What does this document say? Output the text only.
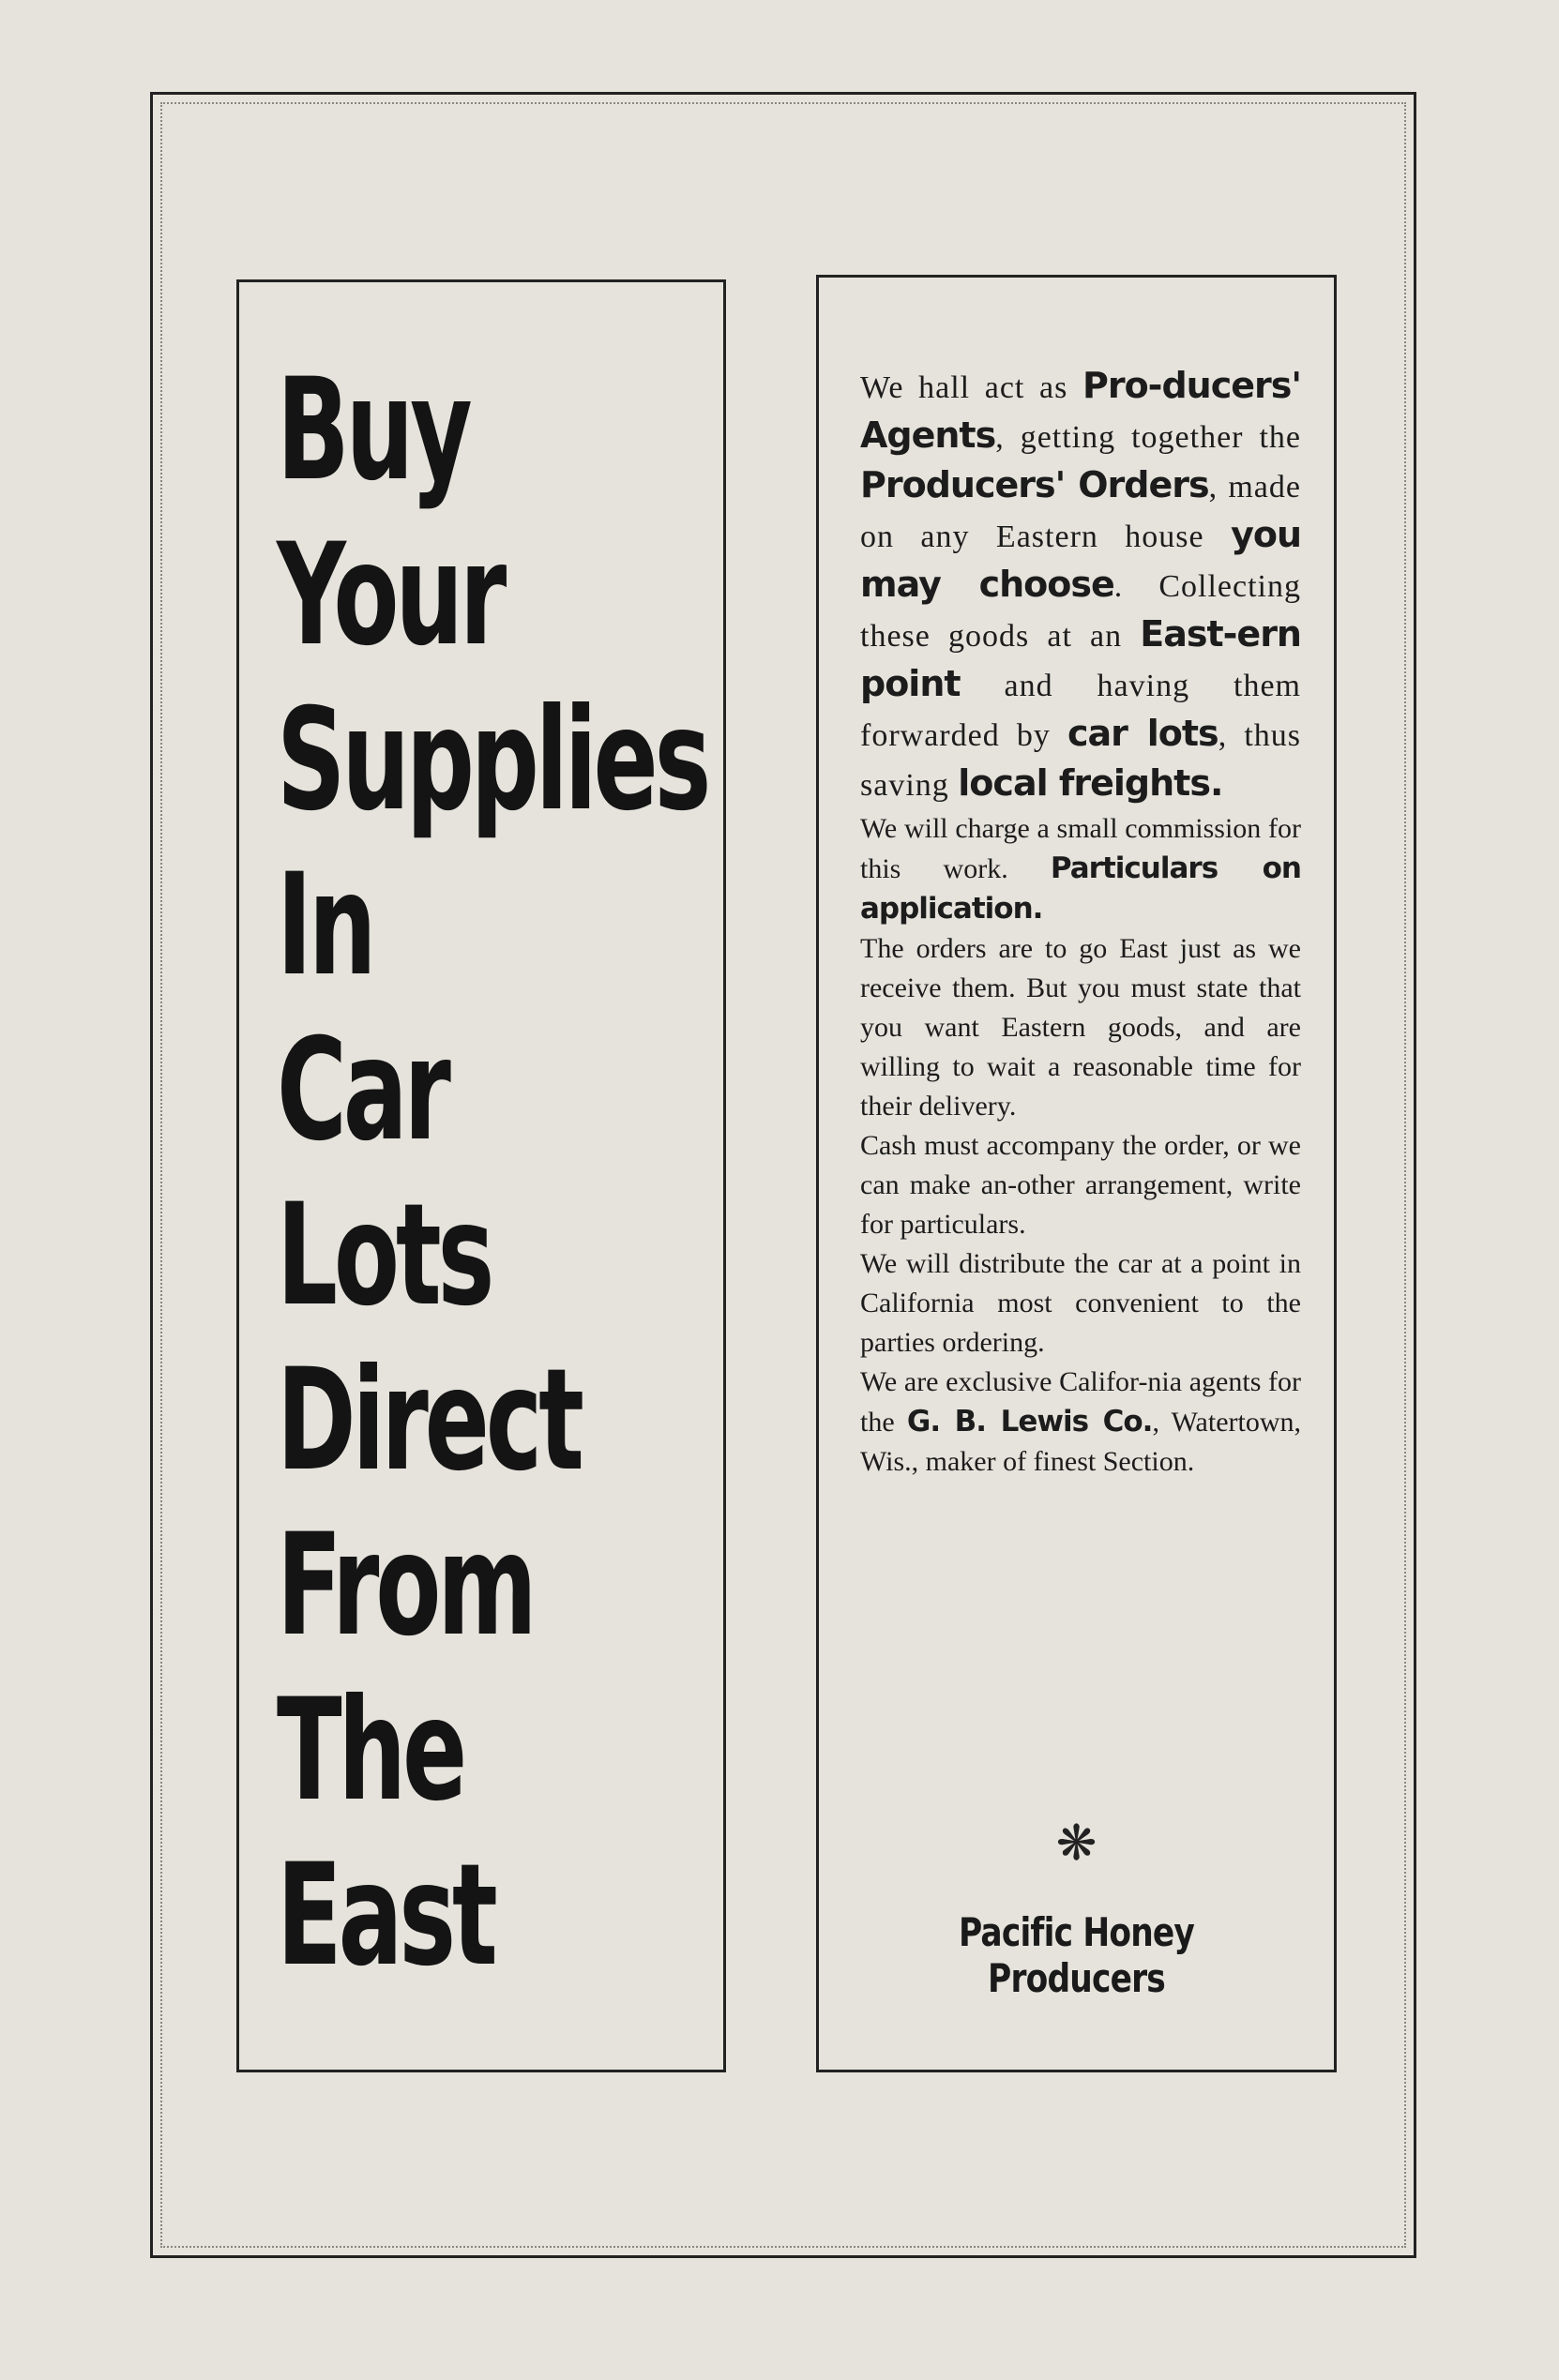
Buy
Your
Supplies
In
Car
Lots
Direct
From
The
East

We hall act as Pro-ducers' Agents, getting together the Producers' Orders, made on any Eastern house you may choose. Collecting these goods at an East-ern point and having them forwarded by car lots, thus saving local freights.

We will charge a small commission for this work. Particulars on application.

The orders are to go East just as we receive them. But you must state that you want Eastern goods, and are willing to wait a reasonable time for their delivery.

Cash must accompany the order, or we can make an-other arrangement, write for particulars.

We will distribute the car at a point in California most convenient to the parties ordering.

We are exclusive Califor-nia agents for the G. B. Lewis Co., Watertown, Wis., maker of finest Section.

❋
Pacific Honey Producers
